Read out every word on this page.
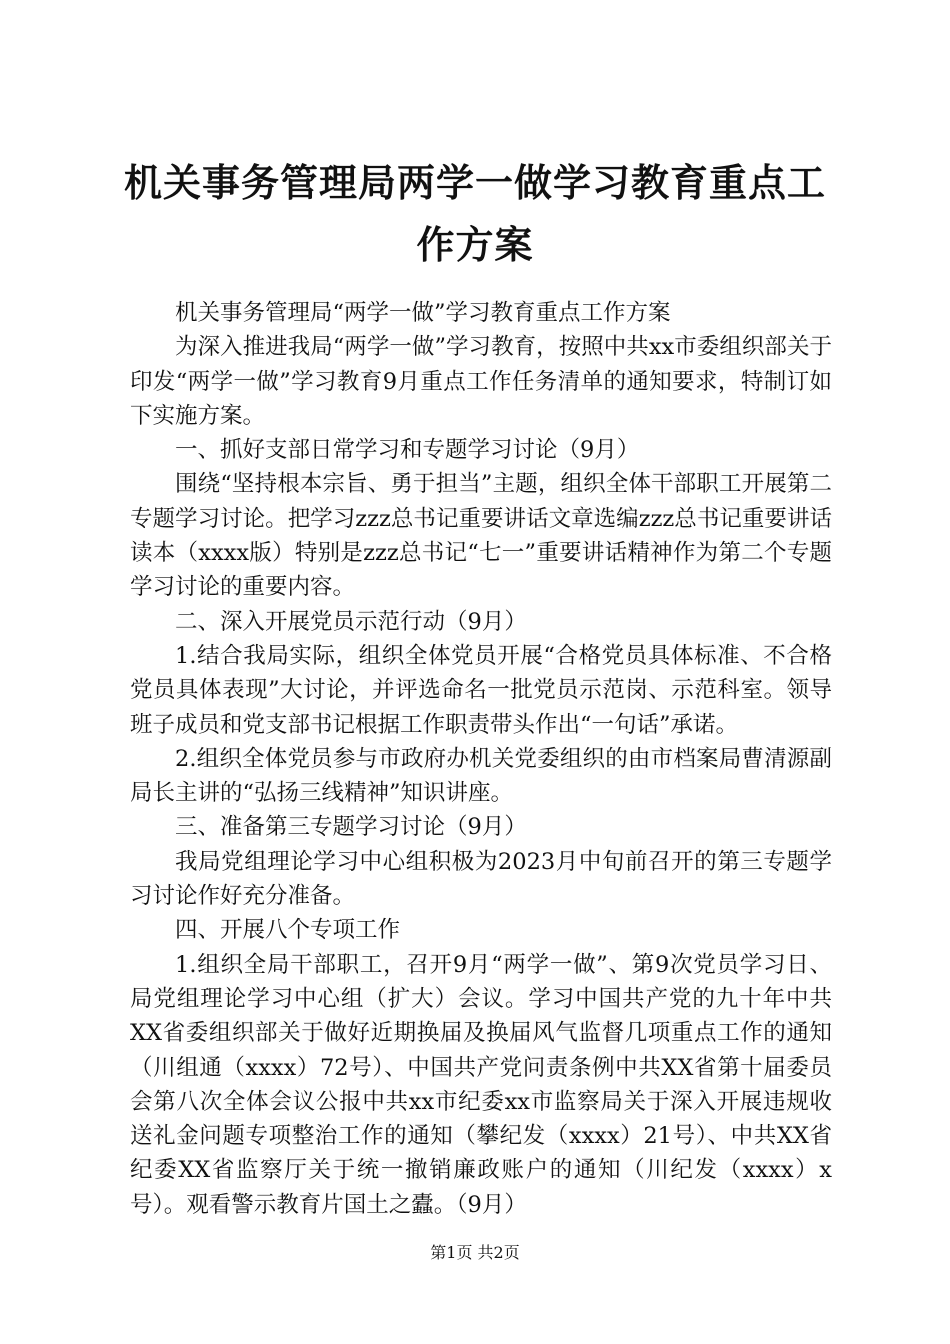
机关事务管理局两学一做学习教育重点工作方案

机关事务管理局“两学一做”学习教育重点工作方案

为深入推进我局“两学一做”学习教育，按照中共xx市委组织部关于印发“两学一做”学习教育9月重点工作任务清单的通知要求，特制订如下实施方案。

一、抓好支部日常学习和专题学习讨论（9月）

围绕“坚持根本宗旨、勇于担当”主题，组织全体干部职工开展第二专题学习讨论。把学习zzz总书记重要讲话文章选编zzz总书记重要讲话读本（xxxx版）特别是zzz总书记“七一”重要讲话精神作为第二个专题学习讨论的重要内容。

二、深入开展党员示范行动（9月）

1.结合我局实际，组织全体党员开展“合格党员具体标准、不合格党员具体表现”大讨论，并评选命名一批党员示范岗、示范科室。领导班子成员和党支部书记根据工作职责带头作出“一句话”承诺。

2.组织全体党员参与市政府办机关党委组织的由市档案局曹清源副局长主讲的“弘扬三线精神”知识讲座。

三、准备第三专题学习讨论（9月）

我局党组理论学习中心组积极为2023月中旬前召开的第三专题学习讨论作好充分准备。

四、开展八个专项工作

1.组织全局干部职工，召开9月“两学一做”、第9次党员学习日、局党组理论学习中心组（扩大）会议。学习中国共产党的九十年中共XX省委组织部关于做好近期换届及换届风气监督几项重点工作的通知（川组通（xxxx）72号）、中国共产党问责条例中共XX省第十届委员会第八次全体会议公报中共xx市纪委xx市监察局关于深入开展违规收送礼金问题专项整治工作的通知（攀纪发（xxxx）21号）、中共XX省纪委XX省监察厅关于统一撤销廉政账户的通知（川纪发（xxxx）x号）。观看警示教育片国土之蠹。（9月）

第1页 共2页
